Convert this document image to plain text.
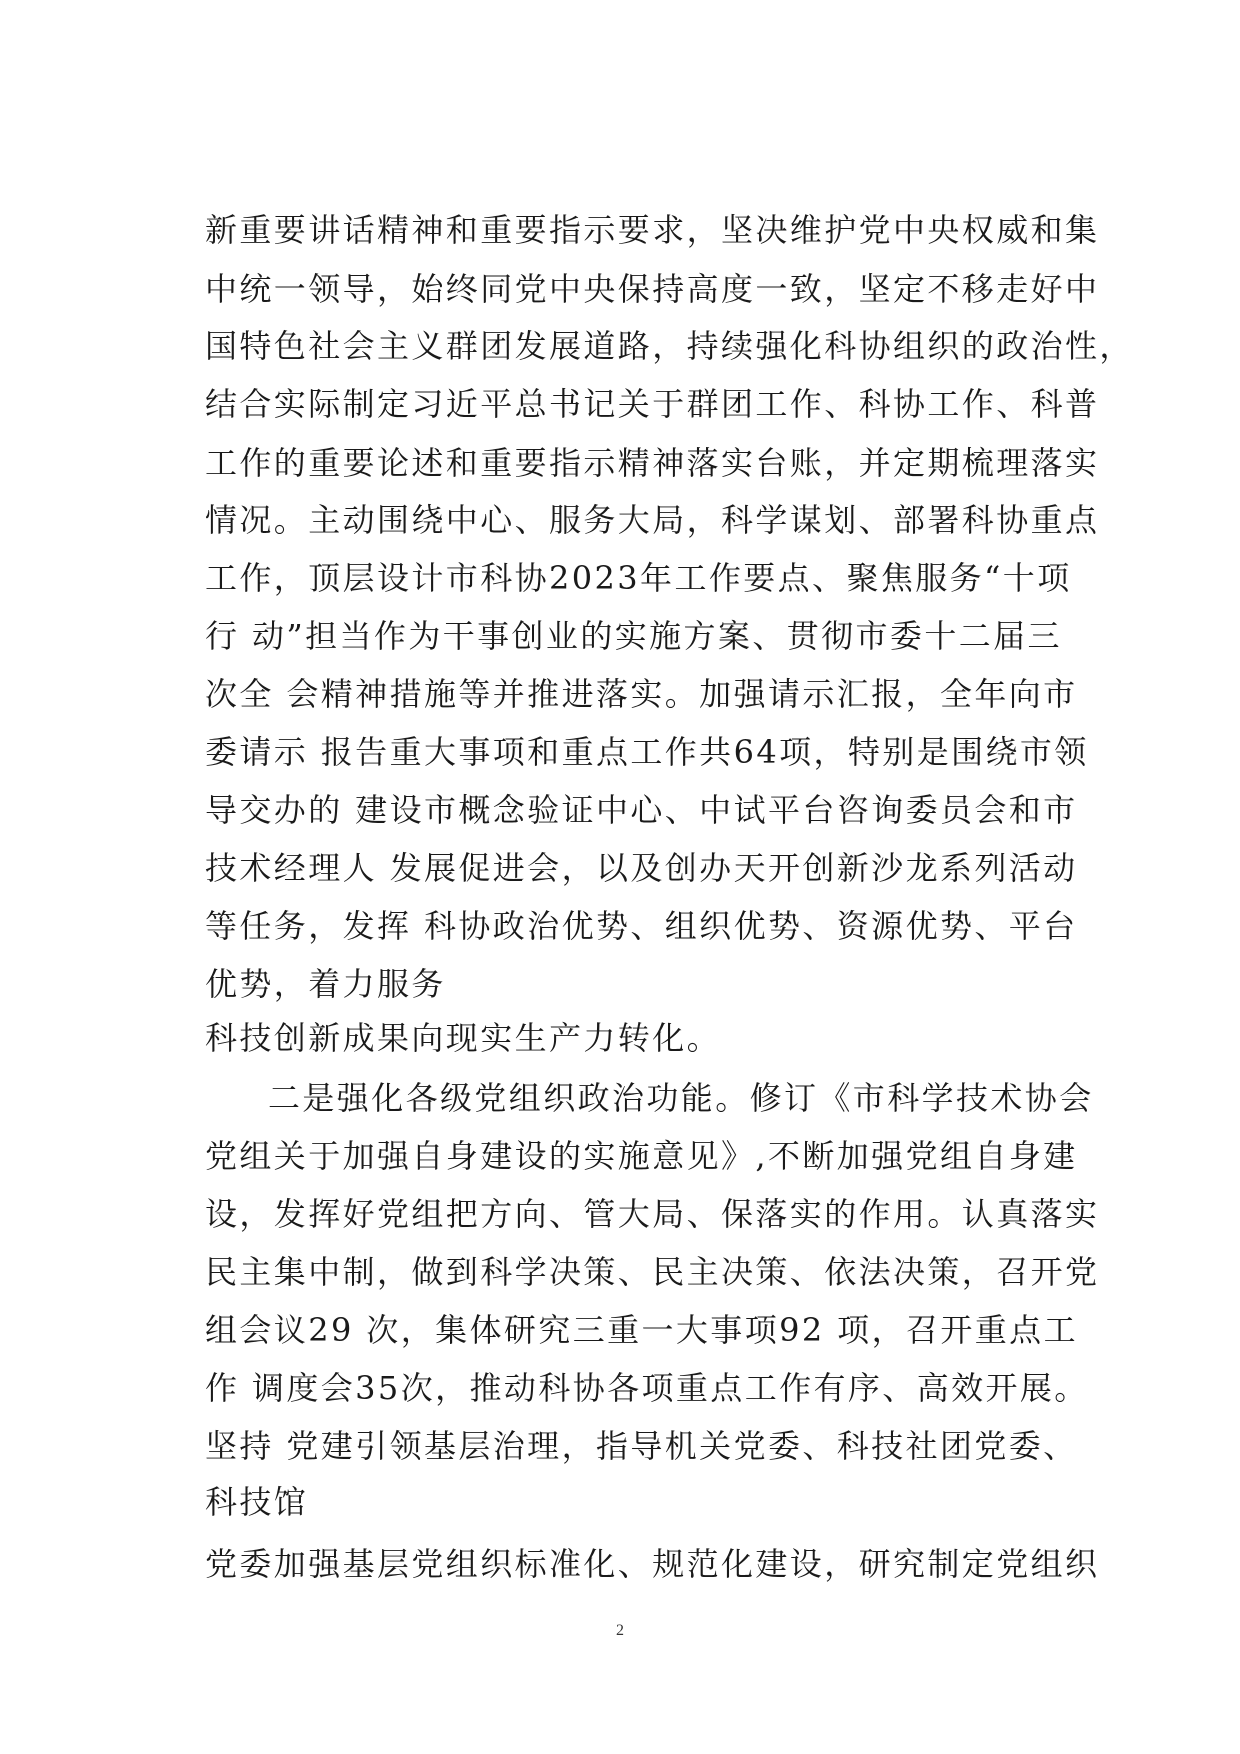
新重要讲话精神和重要指示要求，坚决维护党中央权威和集

中统一领导，始终同党中央保持高度一致，坚定不移走好中

国特色社会主义群团发展道路，持续强化科协组织的政治性，

结合实际制定习近平总书记关于群团工作、科协工作、科普

工作的重要论述和重要指示精神落实台账，并定期梳理落实

情况。主动围绕中心、服务大局，科学谋划、部署科协重点

工作，顶层设计市科协2023年工作要点、聚焦服务“十项

行 动”担当作为干事创业的实施方案、贯彻市委十二届三

次全 会精神措施等并推进落实。加强请示汇报，全年向市

委请示 报告重大事项和重点工作共64项，特别是围绕市领

导交办的 建设市概念验证中心、中试平台咨询委员会和市

技术经理人 发展促进会，以及创办天开创新沙龙系列活动

等任务，发挥 科协政治优势、组织优势、资源优势、平台

优势，着力服务

科技创新成果向现实生产力转化。

二是强化各级党组织政治功能。修订《市科学技术协会

党组关于加强自身建设的实施意见》,不断加强党组自身建

设，发挥好党组把方向、管大局、保落实的作用。认真落实

民主集中制，做到科学决策、民主决策、依法决策，召开党

组会议29 次，集体研究三重一大事项92 项，召开重点工

作 调度会35次，推动科协各项重点工作有序、高效开展。

坚持 党建引领基层治理，指导机关党委、科技社团党委、

科技馆

党委加强基层党组织标准化、规范化建设，研究制定党组织

2
